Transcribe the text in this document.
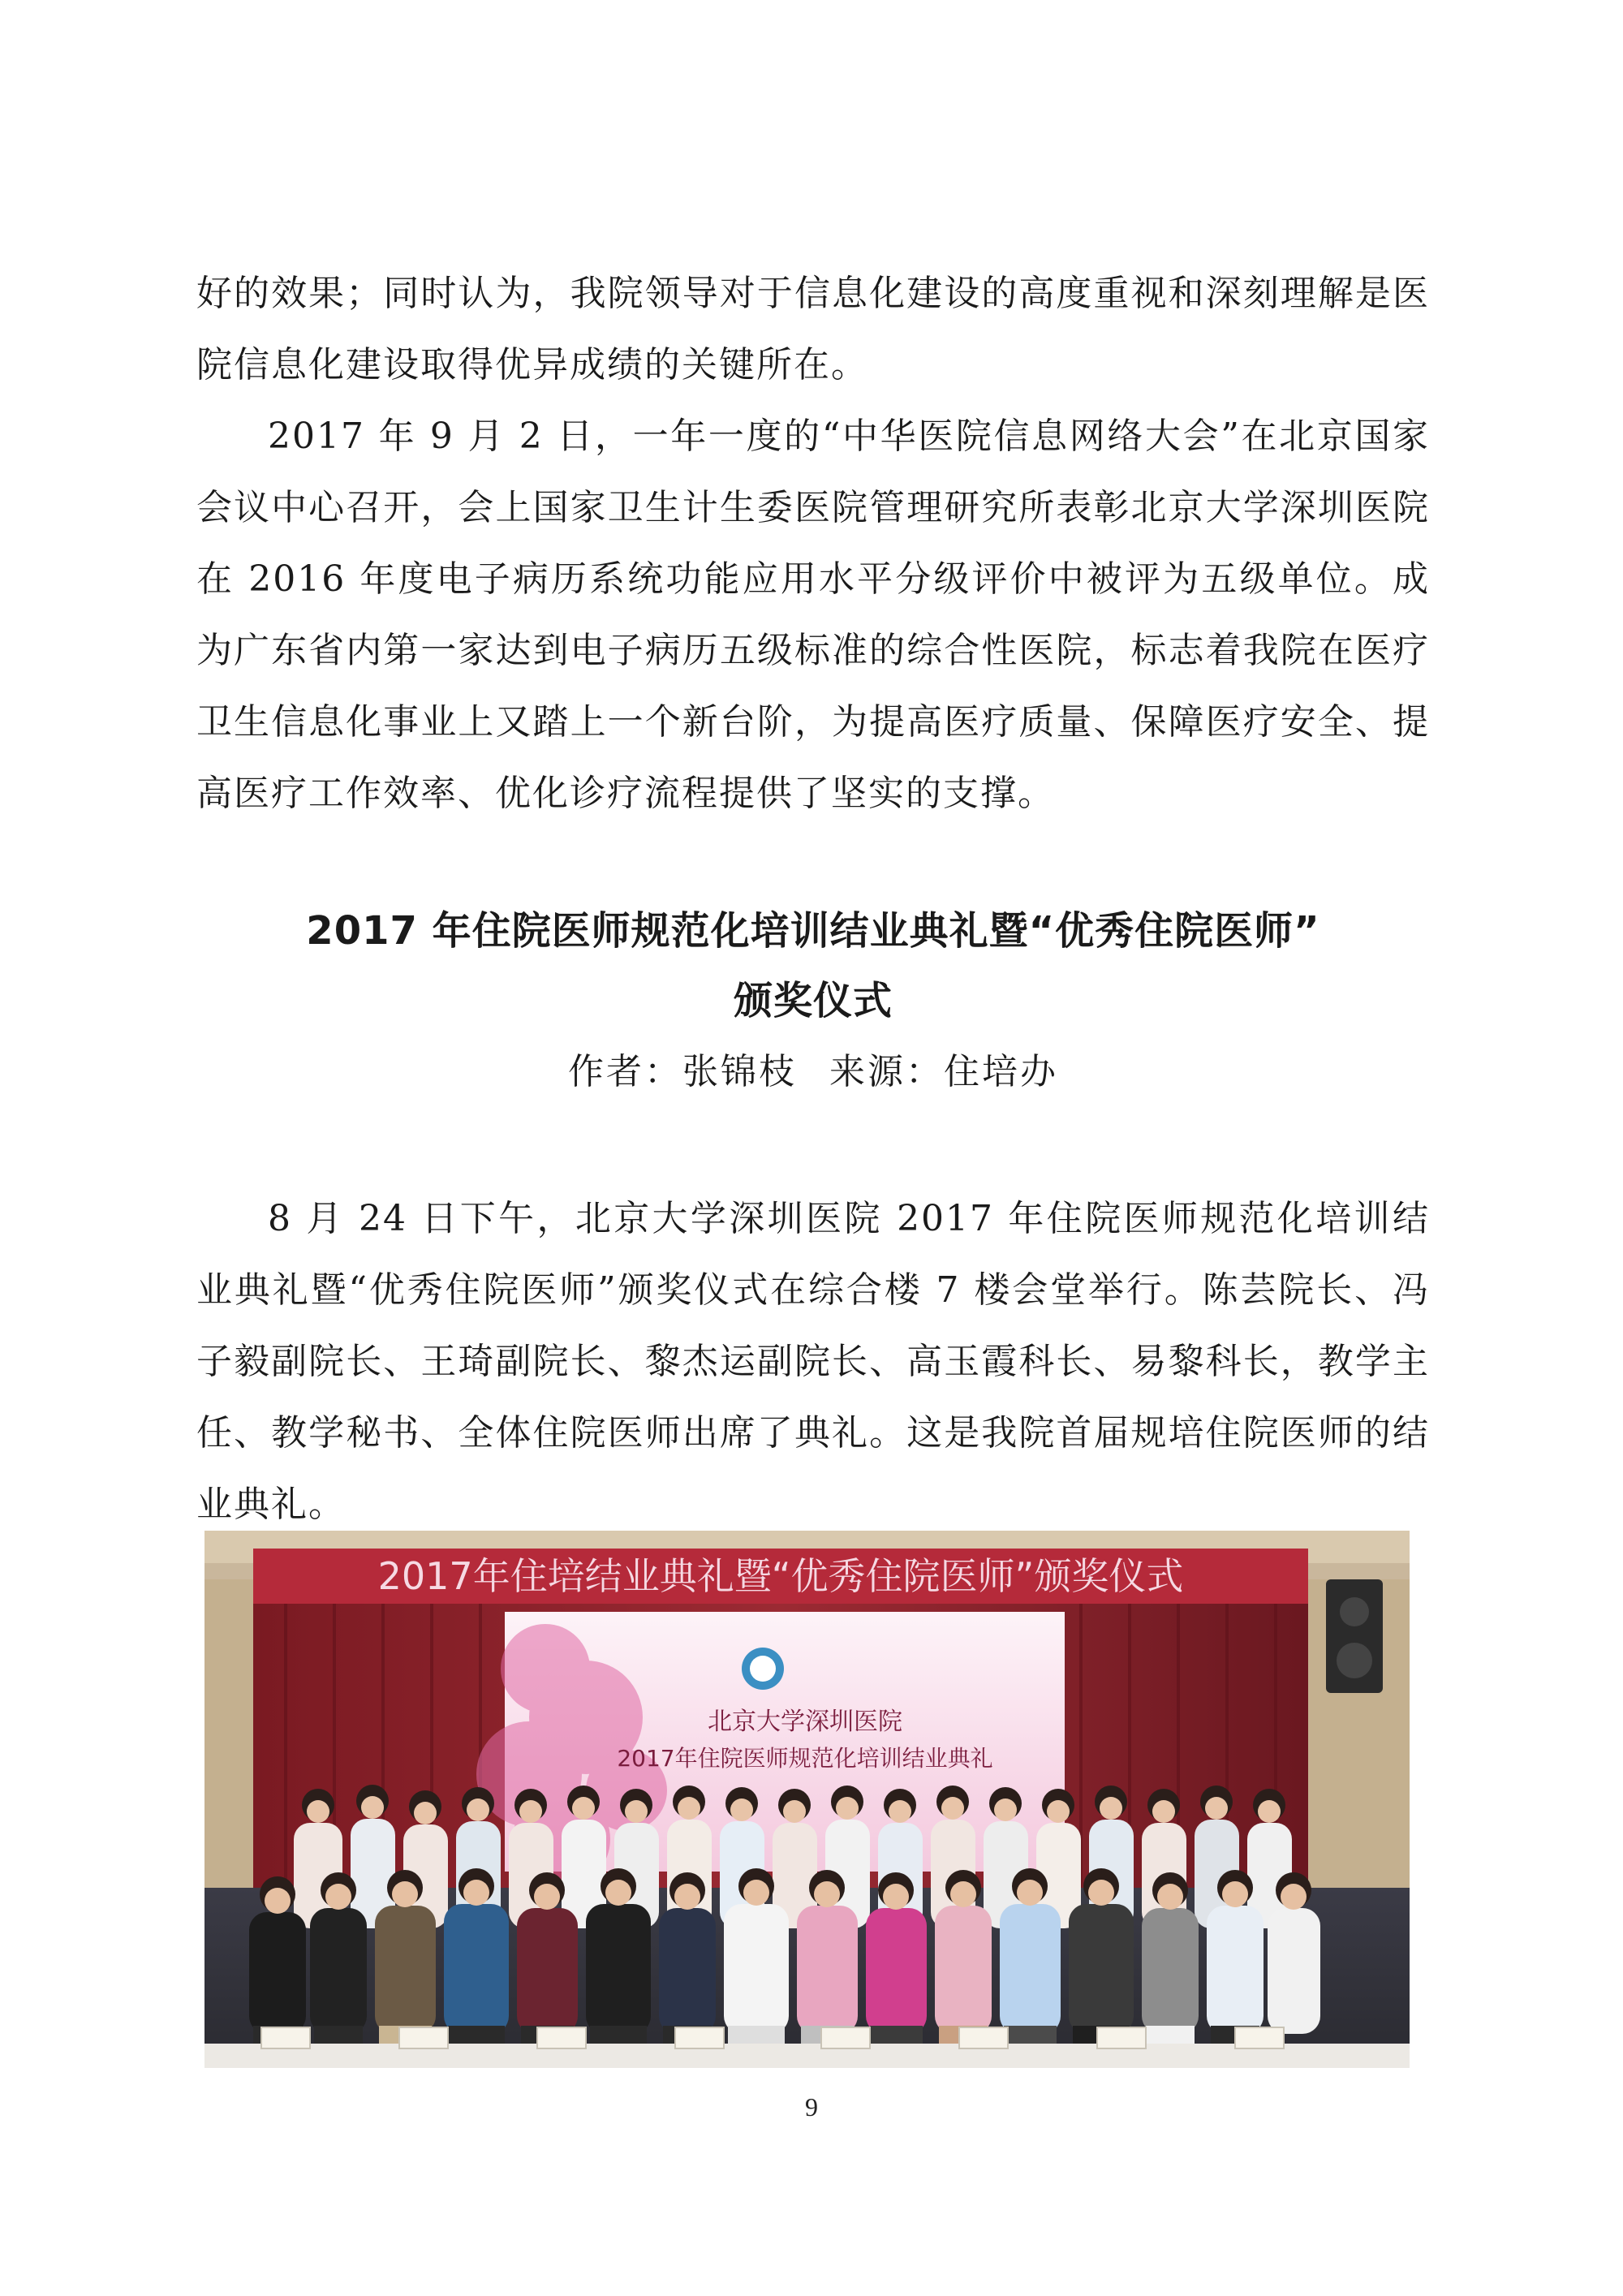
好的效果；同时认为，我院领导对于信息化建设的高度重视和深刻理解是医院信息化建设取得优异成绩的关键所在。

2017 年 9 月 2 日，一年一度的“中华医院信息网络大会”在北京国家会议中心召开，会上国家卫生计生委医院管理研究所表彰北京大学深圳医院在 2016 年度电子病历系统功能应用水平分级评价中被评为五级单位。成为广东省内第一家达到电子病历五级标准的综合性医院，标志着我院在医疗卫生信息化事业上又踏上一个新台阶，为提高医疗质量、保障医疗安全、提高医疗工作效率、优化诊疗流程提供了坚实的支撑。

2017 年住院医师规范化培训结业典礼暨“优秀住院医师”
颁奖仪式

作者：张锦枝 来源：住培办

8 月 24 日下午，北京大学深圳医院 2017 年住院医师规范化培训结业典礼暨“优秀住院医师”颁奖仪式在综合楼 7 楼会堂举行。陈芸院长、冯子毅副院长、王琦副院长、黎杰运副院长、高玉霞科长、易黎科长，教学主任、教学秘书、全体住院医师出席了典礼。这是我院首届规培住院医师的结业典礼。

2017年住培结业典礼暨“优秀住院医师”颁奖仪式
北京大学深圳医院
2017年住院医师规范化培训结业典礼
9
